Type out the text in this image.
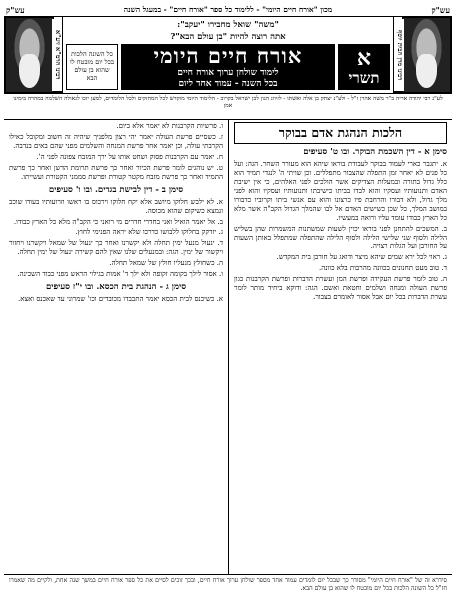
עש"ק
מכון "אורח חיים היומי" - ללימוד כל ספר "אורח חיים" - במעגל השנה
עש"ק
רבינו מרן הבית יוסף
"משה" שואל מחבירו "יעקב":
אתה רוצה להיות "בן עולם הבא"?
א
תשרי
אורח חיים היומי
לימוד שולחן ערוך אורח חיים
בכל השנה - עמוד אחד ליום
כל השונה הלכות בכל יום מובטח לו שהוא בן עולם הבא
רבינו הרמ"א זיע"א
לע"נ רבי יהודה אריה ב"ר משה אהרן ז"ל - ולע"נ יצחק בן אלה ואשתו - לזיווג הגון לבן ישראל בקרוב - הלימוד היומי מוקדש לכל המחזקים ולכל הלומדים, למען יזכו לגאולה השלמה במהרה בימינו אמן
הלכות הנהגת אדם בבוקר
סימן א - דין השכמת הבוקר. ובו ט' סעיפים
א. יתגבר כארי לעמוד בבוקר לעבודת בוראו שיהא הוא מעורר השחר. הגה: ועל כל פנים לא יאחר זמן התפלה שהצבור מתפללים. וכן שויתי ה' לנגדי תמיד הוא כלל גדול בתורה ובמעלות הצדיקים אשר הולכים לפני האלהים, כי אין ישיבת האדם ותנועותיו ועסקיו והוא לבדו בביתו כישיבתו ותנועותיו ועסקיו והוא לפני מלך גדול, ולא דבורו והרחבת פיו כרצונו והוא עם אנשי ביתו וקרוביו כדבורו במושב המלך, כל שכן כשישים האדם אל לבו שהמלך הגדול הקב"ה אשר מלא כל הארץ כבודו עומד עליו ורואה במעשיו.
ב. המשכים להתחנן לפני בוראו יכוין לשעות שמשתנות המשמרות שהן בשליש הלילה ולסוף שני שלישי הלילה ולסוף הלילה שהתפלה שמתפלל באותן השעות על החורבן ועל הגלות רצויה.
ג. ראוי לכל ירא שמים שיהא מיצר ודואג על חורבן בית המקדש.
ד. טוב מעט תחנונים בכוונה מהרבות בלא כוונה.
ה. טוב לומר פרשת העקידה ופרשת המן ועשרת הדברות ופרשת הקרבנות כגון פרשת העולה ומנחה ושלמים וחטאת ואשם. הגה: ודוקא ביחיד מותר לומר עשרת הדברות בכל יום אבל אסור לאומרם בצבור.
ו. פרשיות הקרבנות לא יאמר אלא ביום.
ז. כשסיים פרשת העולה יאמר יהי רצון מלפניך שיהיה זה חשוב ומקובל כאילו הקרבתי עולה, וכן יאמר אחר פרשת המנחה והשלמים מפני שהם באים בנדבה.
ח. יאמר עם הקרבנות פסוק ושחט אותו על ירך המזבח צפונה לפני ה'.
ט. יש נוהגים לומר פרשת הכיור ואחר כך פרשת תרומת הדשן ואחר כך פרשת התמיד ואחר כך פרשת מזבח מקטר קטורת ופרשת סממני הקטורת ועשייתו.
סימן ב - דין לבישת בגדים. ובו ו' סעיפים
א. לא ילבש חלוקו מיושב אלא יקח חלוקו וירכוס בו ראשו וזרועותיו בעודו שוכב ונמצא כשיקום שהוא מכוסה.
ב. אל יאמר הואיל ואני בחדרי חדרים מי רואני כי הקב"ה מלא כל הארץ כבודו.
ג. יזדקק בחלוקו ללבושו כדרכו שלא יראה הפנימי לחוץ.
ד. ינעול מנעל ימין תחלה ולא יקשרנו ואחר כך ינעול של שמאל ויקשרנו ויחזור ויקשור של ימין. הגה: ובמנעלים שלנו שאין להם קשירה ינעול של ימין תחלה.
ה. כשחולץ מנעליו חולץ של שמאל תחלה.
ו. אסור לילך בקומה זקופה ולא ילך ד' אמות בגילוי הראש מפני כבוד השכינה.
סימן ג - הנהגת בית הכסא. ובו י"ז סעיפים
א. כשיכנס לבית הכסא יאמר התכבדו מכובדים וכו' שמרוני עד שאכנס ואצא.
סידרא זה של "אורח חיים היומי" מסודר כך שבכל יום לומדים עמוד אחד מספר שולחן ערוך אורח חיים, ובכך זוכים לסיים את כל ספר אורח חיים במשך שנה אחת, ולקיים מה שאמרו חז"ל כל השונה הלכות בכל יום מובטח לו שהוא בן עולם הבא.
